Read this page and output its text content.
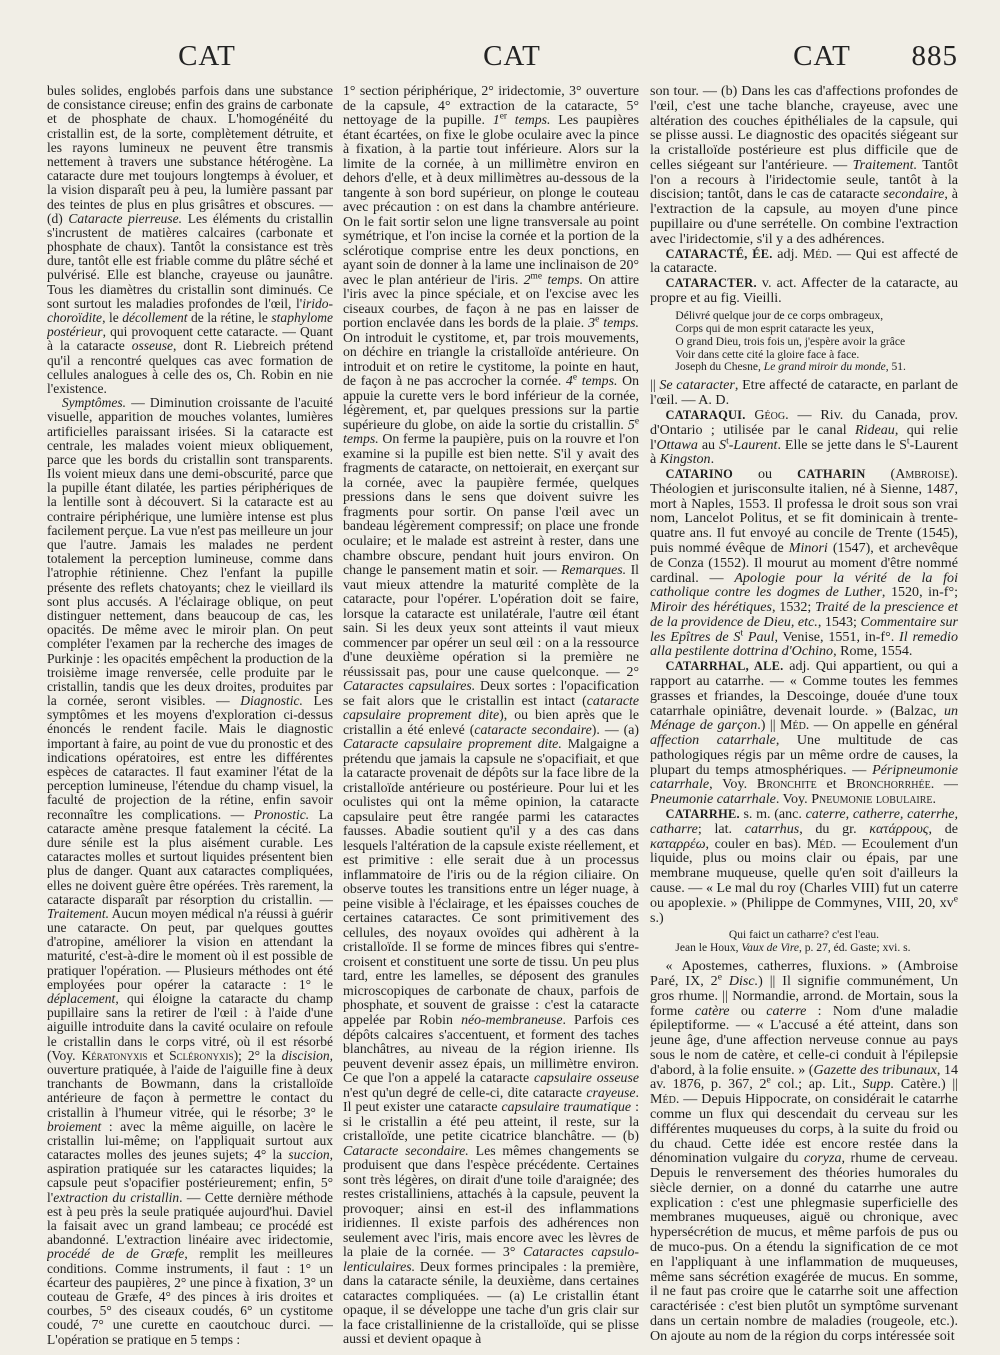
CAT	CAT	CAT	885

bules solides, englobés parfois dans une substance de consistance cireuse; enfin des grains de carbonate et de phosphate de chaux. L'homogénéité du cristallin est, de la sorte, complètement détruite, et les rayons lumineux ne peuvent être transmis nettement à travers une substance hétérogène. La cataracte dure met toujours longtemps à évoluer, et la vision disparaît peu à peu, la lumière passant par des teintes de plus en plus grisâtres et obscures. — (d) Cataracte pierreuse. Les éléments du cristallin s'incrustent de matières calcaires (carbonate et phosphate de chaux). Tantôt la consistance est très dure, tantôt elle est friable comme du plâtre séché et pulvérisé. Elle est blanche, crayeuse ou jaunâtre. Tous les diamètres du cristallin sont diminués. Ce sont surtout les maladies profondes de l'œil, l'irido-choroïdite, le décollement de la rétine, le staphylome postérieur, qui provoquent cette cataracte. — Quant à la cataracte osseuse, dont R. Liebreich prétend qu'il a rencontré quelques cas avec formation de cellules analogues à celle des os, Ch. Robin en nie l'existence.

Symptômes. — Diminution croissante de l'acuité visuelle, apparition de mouches volantes, lumières artificielles paraissant irisées. Si la cataracte est centrale, les malades voient mieux obliquement, parce que les bords du cristallin sont transparents. Ils voient mieux dans une demi-obscurité, parce que la pupille étant dilatée, les parties périphériques de la lentille sont à découvert. Si la cataracte est au contraire périphérique, une lumière intense est plus facilement perçue. La vue n'est pas meilleure un jour que l'autre. Jamais les malades ne perdent totalement la perception lumineuse, comme dans l'atrophie rétinienne. Chez l'enfant la pupille présente des reflets chatoyants; chez le vieillard ils sont plus accusés. A l'éclairage oblique, on peut distinguer nettement, dans beaucoup de cas, les opacités. De même avec le miroir plan. On peut compléter l'examen par la recherche des images de Purkinje : les opacités empêchent la production de la troisième image renversée, celle produite par le cristallin, tandis que les deux droites, produites par la cornée, seront visibles. — Diagnostic. Les symptômes et les moyens d'exploration ci-dessus énoncés le rendent facile. Mais le diagnostic important à faire, au point de vue du pronostic et des indications opératoires, est entre les différentes espèces de cataractes. Il faut examiner l'état de la perception lumineuse, l'étendue du champ visuel, la faculté de projection de la rétine, enfin savoir reconnaître les complications. — Pronostic. La cataracte amène presque fatalement la cécité. La dure sénile est la plus aisément curable. Les cataractes molles et surtout liquides présentent bien plus de danger. Quant aux cataractes compliquées, elles ne doivent guère être opérées. Très rarement, la cataracte disparaît par résorption du cristallin. — Traitement. Aucun moyen médical n'a réussi à guérir une cataracte. On peut, par quelques gouttes d'atropine, améliorer la vision en attendant la maturité, c'est-à-dire le moment où il est possible de pratiquer l'opération. — Plusieurs méthodes ont été employées pour opérer la cataracte : 1° le déplacement, qui éloigne la cataracte du champ pupillaire sans la retirer de l'œil : à l'aide d'une aiguille introduite dans la cavité oculaire on refoule le cristallin dans le corps vitré, où il est résorbé (Voy. Kératonyxis et Scléronyxis); 2° la discision, ouverture pratiquée, à l'aide de l'aiguille fine à deux tranchants de Bowmann, dans la cristalloïde antérieure de façon à permettre le contact du cristallin à l'humeur vitrée, qui le résorbe; 3° le broiement : avec la même aiguille, on lacère le cristallin lui-même; on l'appliquait surtout aux cataractes molles des jeunes sujets; 4° la succion, aspiration pratiquée sur les cataractes liquides; la capsule peut s'opacifier postérieurement; enfin, 5° l'extraction du cristallin. — Cette dernière méthode est à peu près la seule pratiquée aujourd'hui. Daviel la faisait avec un grand lambeau; ce procédé est abandonné. L'extraction linéaire avec iridectomie, procédé de de Græfe, remplit les meilleures conditions. Comme instruments, il faut : 1° un écarteur des paupières, 2° une pince à fixation, 3° un couteau de Græfe, 4° des pinces à iris droites et courbes, 5° des ciseaux coudés, 6° un cystitome coudé, 7° une curette en caoutchouc durci. — L'opération se pratique en 5 temps :

1° section périphérique, 2° iridectomie, 3° ouverture de la capsule, 4° extraction de la cataracte, 5° nettoyage de la pupille. 1er temps. Les paupières étant écartées, on fixe le globe oculaire avec la pince à fixation, à la partie tout inférieure. Alors sur la limite de la cornée, à un millimètre environ en dehors d'elle, et à deux millimètres au-dessous de la tangente à son bord supérieur, on plonge le couteau avec précaution : on est dans la chambre antérieure. On le fait sortir selon une ligne transversale au point symétrique, et l'on incise la cornée et la portion de la sclérotique comprise entre les deux ponctions, en ayant soin de donner à la lame une inclinaison de 20° avec le plan antérieur de l'iris. $2^{me}$ temps. On attire l'iris avec la pince spéciale, et on l'excise avec les ciseaux courbes, de façon à ne pas en laisser de portion enclavée dans les bords de la plaie. 3e temps. On introduit le cystitome, et, par trois mouvements, on déchire en triangle la cristalloïde antérieure. On introduit et on retire le cystitome, la pointe en haut, de façon à ne pas accrocher la cornée. 4e temps. On appuie la curette vers le bord inférieur de la cornée, légèrement, et, par quelques pressions sur la partie supérieure du globe, on aide la sortie du cristallin. 5e temps. On ferme la paupière, puis on la rouvre et l'on examine si la pupille est bien nette. S'il y avait des fragments de cataracte, on nettoierait, en exerçant sur la cornée, avec la paupière fermée, quelques pressions dans le sens que doivent suivre les fragments pour sortir. On panse l'œil avec un bandeau légèrement compressif; on place une fronde oculaire; et le malade est astreint à rester, dans une chambre obscure, pendant huit jours environ. On change le pansement matin et soir. — Remarques. Il vaut mieux attendre la maturité complète de la cataracte, pour l'opérer. L'opération doit se faire, lorsque la cataracte est unilatérale, l'autre œil étant sain. Si les deux yeux sont atteints il vaut mieux commencer par opérer un seul œil : on a la ressource d'une deuxième opération si la première ne réussissait pas, pour une cause quelconque. — 2° Cataractes capsulaires. Deux sortes : l'opacification se fait alors que le cristallin est intact (cataracte capsulaire proprement dite), ou bien après que le cristallin a été enlevé (cataracte secondaire). — (a) Cataracte capsulaire proprement dite. Malgaigne a prétendu que jamais la capsule ne s'opacifiait, et que la cataracte provenait de dépôts sur la face libre de la cristalloïde antérieure ou postérieure. Pour lui et les oculistes qui ont la même opinion, la cataracte capsulaire peut être rangée parmi les cataractes fausses. Abadie soutient qu'il y a des cas dans lesquels l'altération de la capsule existe réellement, et est primitive : elle serait due à un processus inflammatoire de l'iris ou de la région ciliaire. On observe toutes les transitions entre un léger nuage, à peine visible à l'éclairage, et les épaisses couches de certaines cataractes. Ce sont primitivement des cellules, des noyaux ovoïdes qui adhèrent à la cristalloïde. Il se forme de minces fibres qui s'entre-croisent et constituent une sorte de tissu. Un peu plus tard, entre les lamelles, se déposent des granules microscopiques de carbonate de chaux, parfois de phosphate, et souvent de graisse : c'est la cataracte appelée par Robin néo-membraneuse. Parfois ces dépôts calcaires s'accentuent, et forment des taches blanchâtres, au niveau de la région irienne. Ils peuvent devenir assez épais, un millimètre environ. Ce que l'on a appelé la cataracte capsulaire osseuse n'est qu'un degré de celle-ci, dite cataracte crayeuse. Il peut exister une cataracte capsulaire traumatique : si le cristallin a été peu atteint, il reste, sur la cristalloïde, une petite cicatrice blanchâtre. — (b) Cataracte secondaire. Les mêmes changements se produisent que dans l'espèce précédente. Certaines sont très légères, on dirait d'une toile d'araignée; des restes cristalliniens, attachés à la capsule, peuvent la provoquer; ainsi en est-il des inflammations iridiennes. Il existe parfois des adhérences non seulement avec l'iris, mais encore avec les lèvres de la plaie de la cornée. — 3° Cataractes capsulo-lenticulaires. Deux formes principales : la première, dans la cataracte sénile, la deuxième, dans certaines cataractes compliquées. — (a) Le cristallin étant opaque, il se développe une tache d'un gris clair sur la face cristallinienne de la cristalloïde, qui se plisse aussi et devient opaque à

son tour. — (b) Dans les cas d'affections profondes de l'œil, c'est une tache blanche, crayeuse, avec une altération des couches épithéliales de la capsule, qui se plisse aussi. Le diagnostic des opacités siégeant sur la cristalloïde postérieure est plus difficile que de celles siégeant sur l'antérieure. — Traitement. Tantôt l'on a recours à l'iridectomie seule, tantôt à la discision; tantôt, dans le cas de cataracte secondaire, à l'extraction de la capsule, au moyen d'une pince pupillaire ou d'une serrételle. On combine l'extraction avec l'iridectomie, s'il y a des adhérences.

CATARACTÉ, ÉE. adj. Méd. — Qui est affecté de la cataracte.

CATARACTER. v. act. Affecter de la cataracte, au propre et au fig. Vieilli.

Délivré quelque jour de ce corps ombrageux,
Corps qui de mon esprit cataracte les yeux,
O grand Dieu, trois fois un, j'espère avoir la grâce
Voir dans cette cité la gloire face à face.
Joseph du Chesne, Le grand miroir du monde, 51.

|| Se cataracter, Etre affecté de cataracte, en parlant de l'œil. — A. D.

CATARAQUI. Géog. — Riv. du Canada, prov. d'Ontario ; utilisée par le canal Rideau, qui relie l'Ottawa au $S^t$-Laurent. Elle se jette dans le $S^t$-Laurent à Kingston.

CATARINO ou CATHARIN (Ambroise). Théologien et jurisconsulte italien, né à Sienne, 1487, mort à Naples, 1553. Il professa le droit sous son vrai nom, Lancelot Politus, et se fit dominicain à trente-quatre ans. Il fut envoyé au concile de Trente (1545), puis nommé évêque de Minori (1547), et archevêque de Conza (1552). Il mourut au moment d'être nommé cardinal. — Apologie pour la vérité de la foi catholique contre les dogmes de Luther, 1520, in-f°; Miroir des hérétiques, 1532; Traité de la prescience et de la providence de Dieu, etc., 1543; Commentaire sur les Epîtres de $S^t$ Paul, Venise, 1551, in-f°. Il remedio alla pestilente dottrina d'Ochino, Rome, 1554.

CATARRHAL, ALE. adj. Qui appartient, ou qui a rapport au catarrhe. — « Comme toutes les femmes grasses et friandes, la Descoinge, douée d'une toux catarrhale opiniâtre, devenait lourde. » (Balzac, un Ménage de garçon.) || Méd. — On appelle en général affection catarrhale, Une multitude de cas pathologiques régis par un même ordre de causes, la plupart du temps atmosphériques. — Péripneumonie catarrhale, Voy. Bronchite et Bronchorrhée. — Pneumonie catarrhale. Voy. Pneumonie lobulaire.

CATARRHE. s. m. (anc. caterre, catherre, caterrhe, catharre; lat. catarrhus, du gr. κατάρρους, de καταρρέω, couler en bas). Méd. — Ecoulement d'un liquide, plus ou moins clair ou épais, par une membrane muqueuse, quelle qu'en soit d'ailleurs la cause. — « Le mal du roy (Charles VIII) fut un caterre ou apoplexie. » (Philippe de Commynes, VIII, 20, $xv^e$ s.)

Qui faict un catharre? c'est l'eau.
Jean le Houx, Vaux de Vire, p. 27, éd. Gaste; xvi. s.

« Apostemes, catherres, fluxions. » (Ambroise Paré, IX, 2e Disc.) || Il signifie communément, Un gros rhume. || Normandie, arrond. de Mortain, sous la forme catère ou caterre : Nom d'une maladie épileptiforme. — « L'accusé a été atteint, dans son jeune âge, d'une affection nerveuse connue au pays sous le nom de catère, et celle-ci conduit à l'épilepsie d'abord, à la folie ensuite. » (Gazette des tribunaux, 14 av. 1876, p. 367, 2e col.; ap. Lit., Supp. Catère.) || Méd. — Depuis Hippocrate, on considérait le catarrhe comme un flux qui descendait du cerveau sur les différentes muqueuses du corps, à la suite du froid ou du chaud. Cette idée est encore restée dans la dénomination vulgaire du coryza, rhume de cerveau. Depuis le renversement des théories humorales du siècle dernier, on a donné du catarrhe une autre explication : c'est une phlegmasie superficielle des membranes muqueuses, aiguë ou chronique, avec hypersécrétion de mucus, et même parfois de pus ou de muco-pus. On a étendu la signification de ce mot en l'appliquant à une inflammation de muqueuses, même sans sécrétion exagérée de mucus. En somme, il ne faut pas croire que le catarrhe soit une affection caractérisée : c'est bien plutôt un symptôme survenant dans un certain nombre de maladies (rougeole, etc.). On ajoute au nom de la région du corps intéressée soit
